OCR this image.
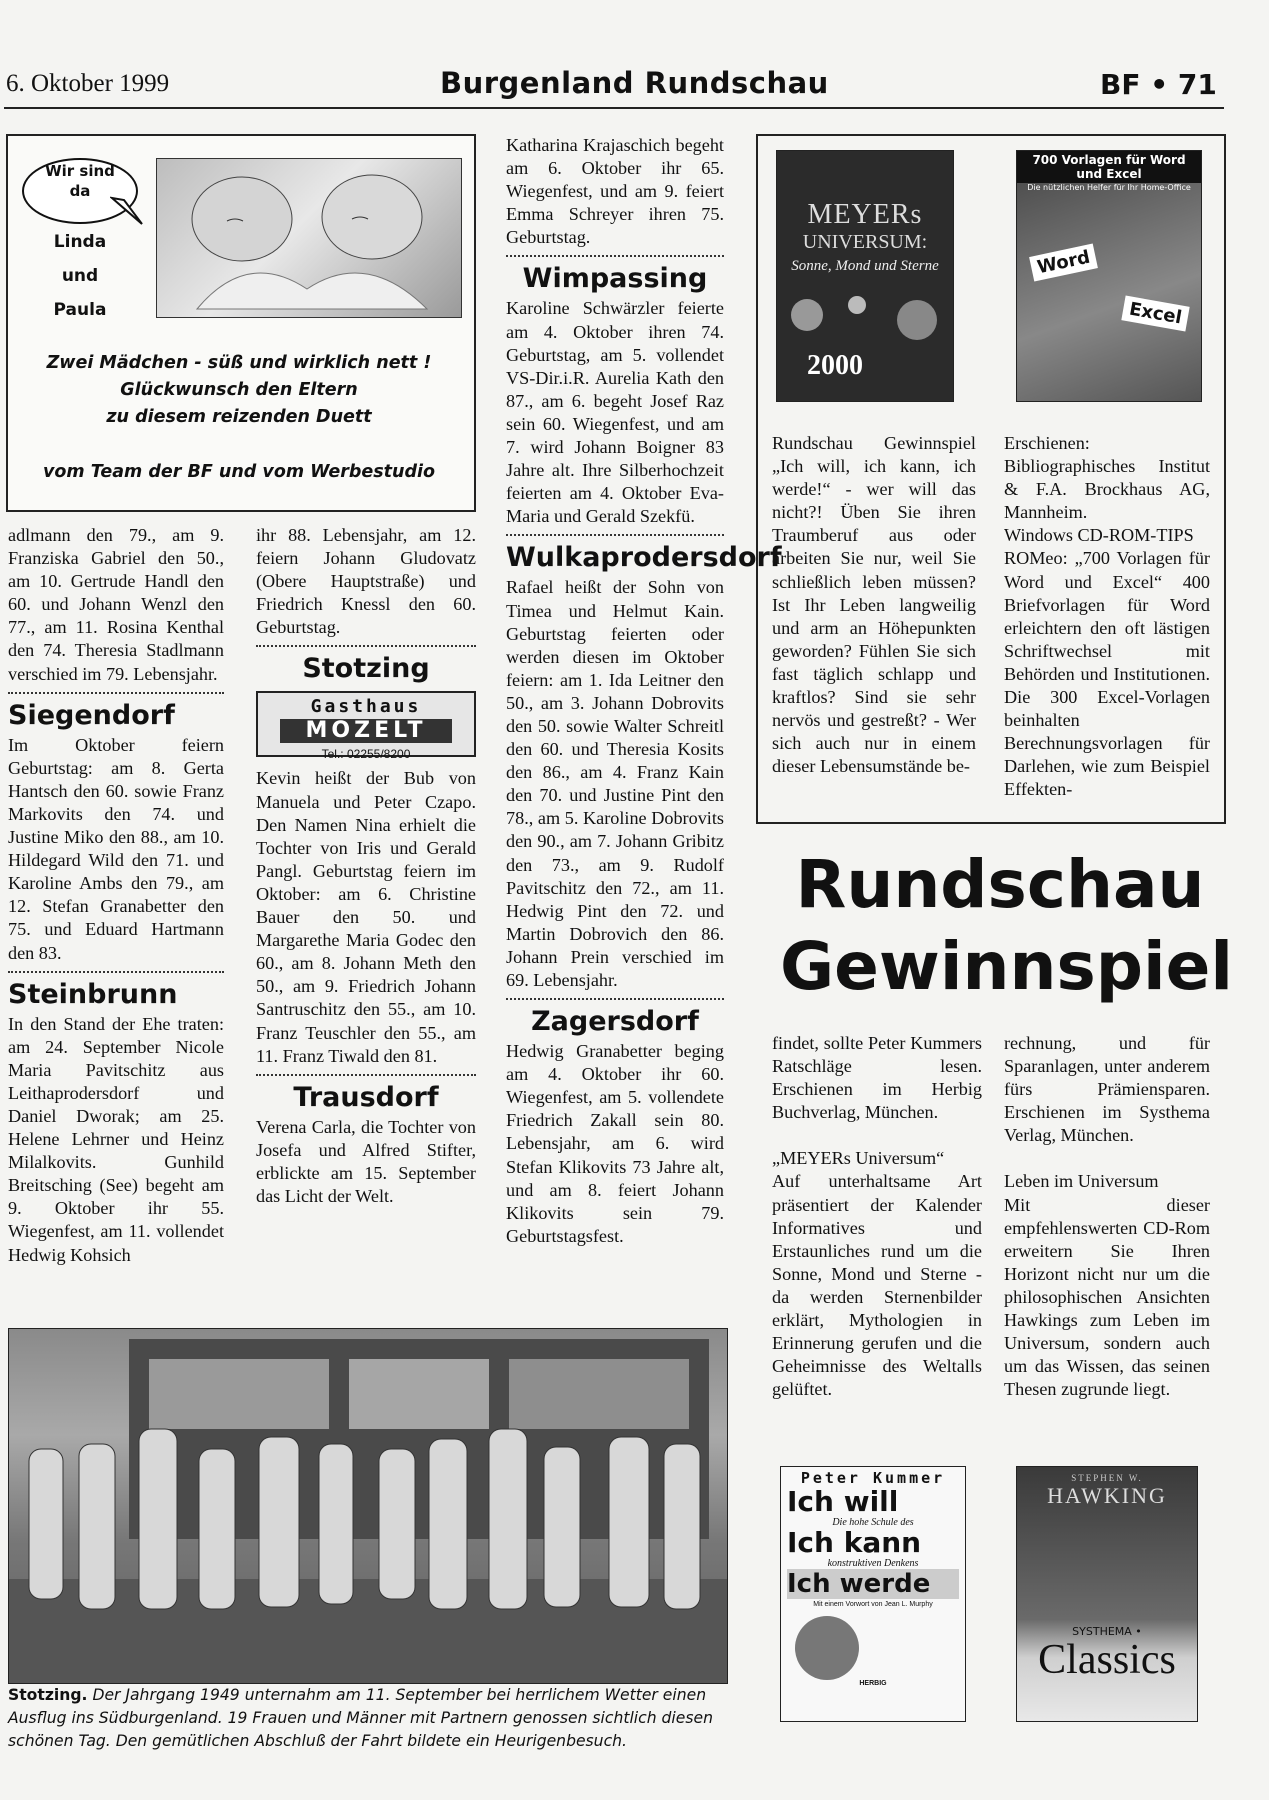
6. Oktober 1999	Burgenland Rundschau	BF • 71
Wir sind da
Linda
und
Paula
Zwei Mädchen - süß und wirklich nett !
Glückwunsch den Eltern
zu diesem reizenden Duett
vom Team der BF und vom Werbestudio

adlmann den 79., am 9. Franziska Gabriel den 50., am 10. Gertrude Handl den 60. und Johann Wenzl den 77., am 11. Rosina Kenthal den 74. Theresia Stadlmann verschied im 79. Lebensjahr.

Siegendorf

Im Oktober feiern Geburtstag: am 8. Gerta Hantsch den 60. sowie Franz Markovits den 74. und Justine Miko den 88., am 10. Hildegard Wild den 71. und Karoline Ambs den 79., am 12. Stefan Granabetter den 75. und Eduard Hartmann den 83.

Steinbrunn

In den Stand der Ehe traten: am 24. September Nicole Maria Pavitschitz aus Leithaprodersdorf und Daniel Dworak; am 25. Helene Lehrner und Heinz Milalkovits. Gunhild Breitsching (See) begeht am 9. Oktober ihr 55. Wiegenfest, am 11. vollendet Hedwig Kohsich

ihr 88. Lebensjahr, am 12. feiern Johann Gludovatz (Obere Hauptstraße) und Friedrich Knessl den 60. Geburtstag.

Stotzing
Gasthaus
MOZELT
Tel.: 02255/8200

Kevin heißt der Bub von Manuela und Peter Czapo. Den Namen Nina erhielt die Tochter von Iris und Gerald Pangl. Geburtstag feiern im Oktober: am 6. Christine Bauer den 50. und Margarethe Maria Godec den 60., am 8. Johann Meth den 50., am 9. Friedrich Johann Santruschitz den 55., am 10. Franz Teuschler den 55., am 11. Franz Tiwald den 81.

Trausdorf

Verena Carla, die Tochter von Josefa und Alfred Stifter, erblickte am 15. September das Licht der Welt.

Katharina Krajaschich begeht am 6. Oktober ihr 65. Wiegenfest, und am 9. feiert Emma Schreyer ihren 75. Geburtstag.

Wimpassing

Karoline Schwärzler feierte am 4. Oktober ihren 74. Geburtstag, am 5. vollendet VS-Dir.i.R. Aurelia Kath den 87., am 6. begeht Josef Raz sein 60. Wiegenfest, und am 7. wird Johann Boigner 83 Jahre alt. Ihre Silberhochzeit feierten am 4. Oktober Eva-Maria und Gerald Szekfü.

Wulkaprodersdorf

Rafael heißt der Sohn von Timea und Helmut Kain. Geburtstag feierten oder werden diesen im Oktober feiern: am 1. Ida Leitner den 50., am 3. Johann Dobrovits den 50. sowie Walter Schreitl den 60. und Theresia Kosits den 86., am 4. Franz Kain den 70. und Justine Pint den 78., am 5. Karoline Dobrovits den 90., am 7. Johann Gribitz den 73., am 9. Rudolf Pavitschitz den 72., am 11. Hedwig Pint den 72. und Martin Dobrovich den 86. Johann Prein verschied im 69. Lebensjahr.

Zagersdorf

Hedwig Granabetter beging am 4. Oktober ihr 60. Wiegenfest, am 5. vollendete Friedrich Zakall sein 80. Lebensjahr, am 6. wird Stefan Klikovits 73 Jahre alt, und am 8. feiert Johann Klikovits sein 79. Geburtstagsfest.

MEYERs
UNIVERSUM:
Sonne, Mond und Sterne
2000
700 Vorlagen für Word und Excel
Die nützlichen Helfer für Ihr Home-Office
Word Excel

Rundschau Gewinnspiel „Ich will, ich kann, ich werde!“ - wer will das nicht?! Üben Sie ihren Traumberuf aus oder arbeiten Sie nur, weil Sie schließlich leben müssen? Ist Ihr Leben langweilig und arm an Höhepunkten geworden? Fühlen Sie sich fast täglich schlapp und kraftlos? Sind sie sehr nervös und gestreßt? - Wer sich auch nur in einem dieser Lebensumstände be-

Erschienen: Bibliographisches Institut & F.A. Brockhaus AG, Mannheim.

Windows CD-ROM-TIPS

ROMeo: „700 Vorlagen für Word und Excel“ 400 Briefvorlagen für Word erleichtern den oft lästigen Schriftwechsel mit Behörden und Institutionen. Die 300 Excel-Vorlagen beinhalten Berechnungsvorlagen für Darlehen, wie zum Beispiel Effekten-

Rundschau
Gewinnspiel

findet, sollte Peter Kummers Ratschläge lesen. Erschienen im Herbig Buchverlag, München.

„MEYERs Universum“

Auf unterhaltsame Art präsentiert der Kalender Informatives und Erstaunliches rund um die Sonne, Mond und Sterne - da werden Sternenbilder erklärt, Mythologien in Erinnerung gerufen und die Geheimnisse des Weltalls gelüftet.

rechnung, und für Sparanlagen, unter anderem fürs Prämiensparen. Erschienen im Systhema Verlag, München.

Leben im Universum

Mit dieser empfehlenswerten CD-Rom erweitern Sie Ihren Horizont nicht nur um die philosophischen Ansichten Hawkings zum Leben im Universum, sondern auch um das Wissen, das seinen Thesen zugrunde liegt.

Peter Kummer
Ich will
Die hohe Schule des
Ich kann
konstruktiven Denkens
Ich werde
Mit einem Vorwort von Jean L. Murphy
HERBIG
STEPHEN W.
HAWKING
SYSTHEMA •
Classics
Stotzing. Der Jahrgang 1949 unternahm am 11. September bei herrlichem Wetter einen Ausflug ins Südburgenland. 19 Frauen und Männer mit Partnern genossen sichtlich diesen schönen Tag. Den gemütlichen Abschluß der Fahrt bildete ein Heurigenbesuch.
